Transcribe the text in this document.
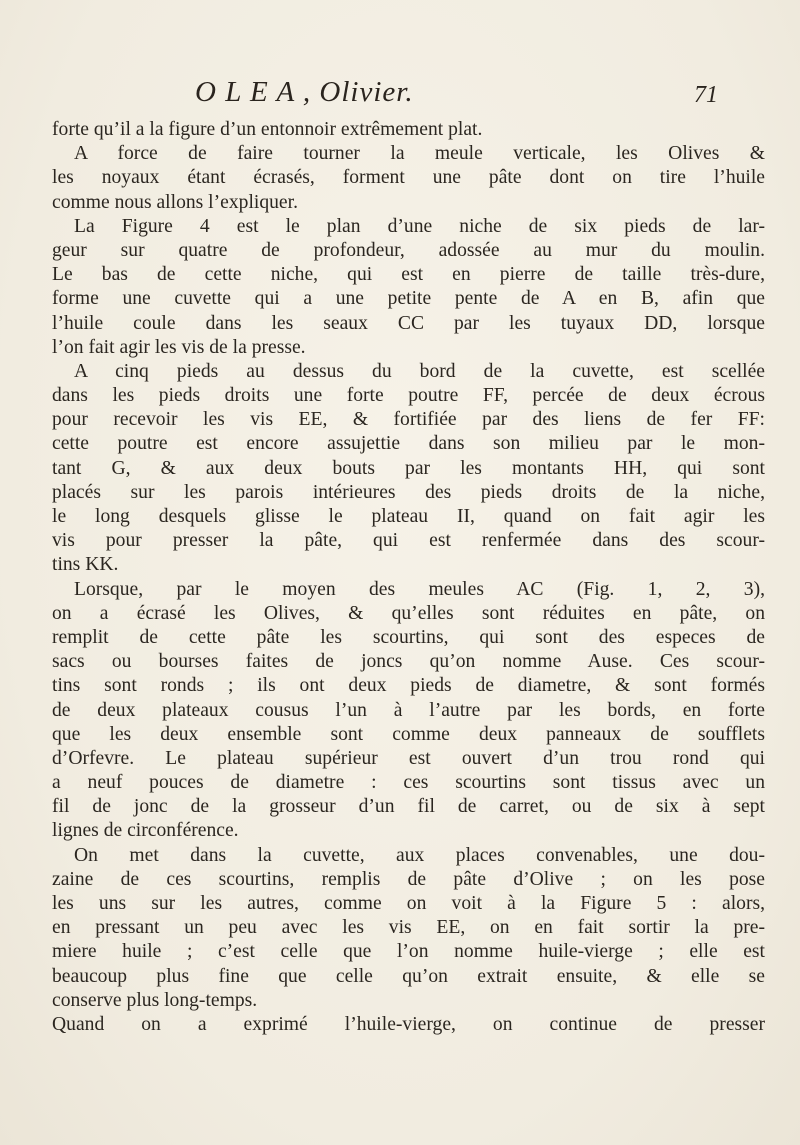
O L E A , Olivier.	71
forte qu’il a la figure d’un entonnoir extrêmement plat.
A force de faire tourner la meule verticale, les Olives &
les noyaux étant écrasés, forment une pâte dont on tire l’huile
comme nous allons l’expliquer.
La Figure 4 est le plan d’une niche de six pieds de lar-
geur sur quatre de profondeur, adossée au mur du moulin.
Le bas de cette niche, qui est en pierre de taille très-dure,
forme une cuvette qui a une petite pente de A en B, afin que
l’huile coule dans les seaux CC par les tuyaux DD, lorsque
l’on fait agir les vis de la presse.
A cinq pieds au dessus du bord de la cuvette, est scellée
dans les pieds droits une forte poutre FF, percée de deux écrous
pour recevoir les vis EE, & fortifiée par des liens de fer FF:
cette poutre est encore assujettie dans son milieu par le mon-
tant G, & aux deux bouts par les montants HH, qui sont
placés sur les parois intérieures des pieds droits de la niche,
le long desquels glisse le plateau II, quand on fait agir les
vis pour presser la pâte, qui est renfermée dans des scour-
tins KK.
Lorsque, par le moyen des meules AC (Fig. 1, 2, 3),
on a écrasé les Olives, & qu’elles sont réduites en pâte, on
remplit de cette pâte les scourtins, qui sont des especes de
sacs ou bourses faites de joncs qu’on nomme Ause. Ces scour-
tins sont ronds ; ils ont deux pieds de diametre, & sont formés
de deux plateaux cousus l’un à l’autre par les bords, en forte
que les deux ensemble sont comme deux panneaux de soufflets
d’Orfevre. Le plateau supérieur est ouvert d’un trou rond qui
a neuf pouces de diametre : ces scourtins sont tissus avec un
fil de jonc de la grosseur d’un fil de carret, ou de six à sept
lignes de circonférence.
On met dans la cuvette, aux places convenables, une dou-
zaine de ces scourtins, remplis de pâte d’Olive ; on les pose
les uns sur les autres, comme on voit à la Figure 5 : alors,
en pressant un peu avec les vis EE, on en fait sortir la pre-
miere huile ; c’est celle que l’on nomme huile-vierge ; elle est
beaucoup plus fine que celle qu’on extrait ensuite, & elle se
conserve plus long-temps.
Quand on a exprimé l’huile-vierge, on continue de presser
